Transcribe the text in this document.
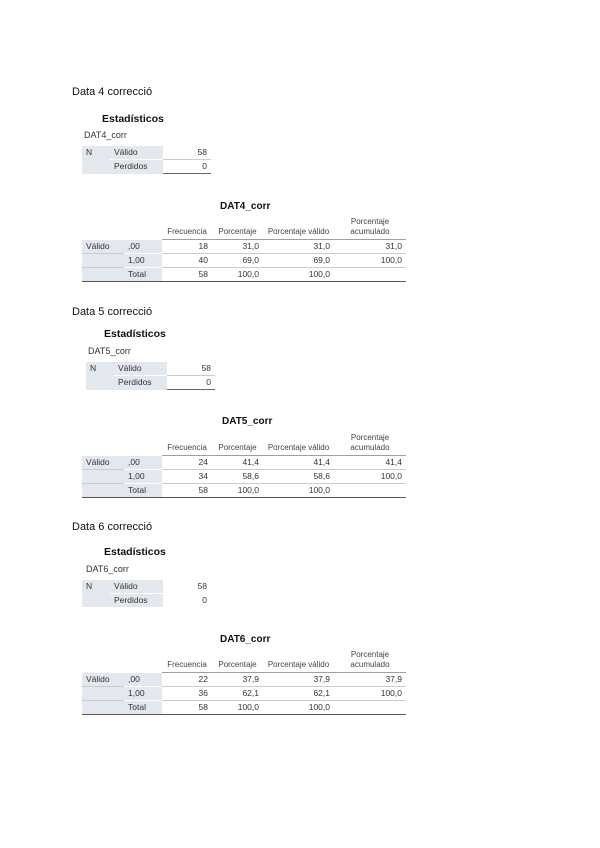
Data 4 correcció
Estadísticos
DAT4_corr
N	Válido	58
	Perdidos	0
DAT4_corr
		Frecuencia	Porcentaje	Porcentaje válido	Porcentaje acumulado
Válido	,00	18	31,0	31,0	31,0
	1,00	40	69,0	69,0	100,0
	Total	58	100,0	100,0	
Data 5 correcció
Estadísticos
DAT5_corr
N	Válido	58
	Perdidos	0
DAT5_corr
		Frecuencia	Porcentaje	Porcentaje válido	Porcentaje acumulado
Válido	,00	24	41,4	41,4	41,4
	1,00	34	58,6	58,6	100,0
	Total	58	100,0	100,0	
Data 6 correcció
Estadísticos
DAT6_corr
N	Válido	58
	Perdidos	0
DAT6_corr
		Frecuencia	Porcentaje	Porcentaje válido	Porcentaje acumulado
Válido	,00	22	37,9	37,9	37,9
	1,00	36	62,1	62,1	100,0
	Total	58	100,0	100,0	
